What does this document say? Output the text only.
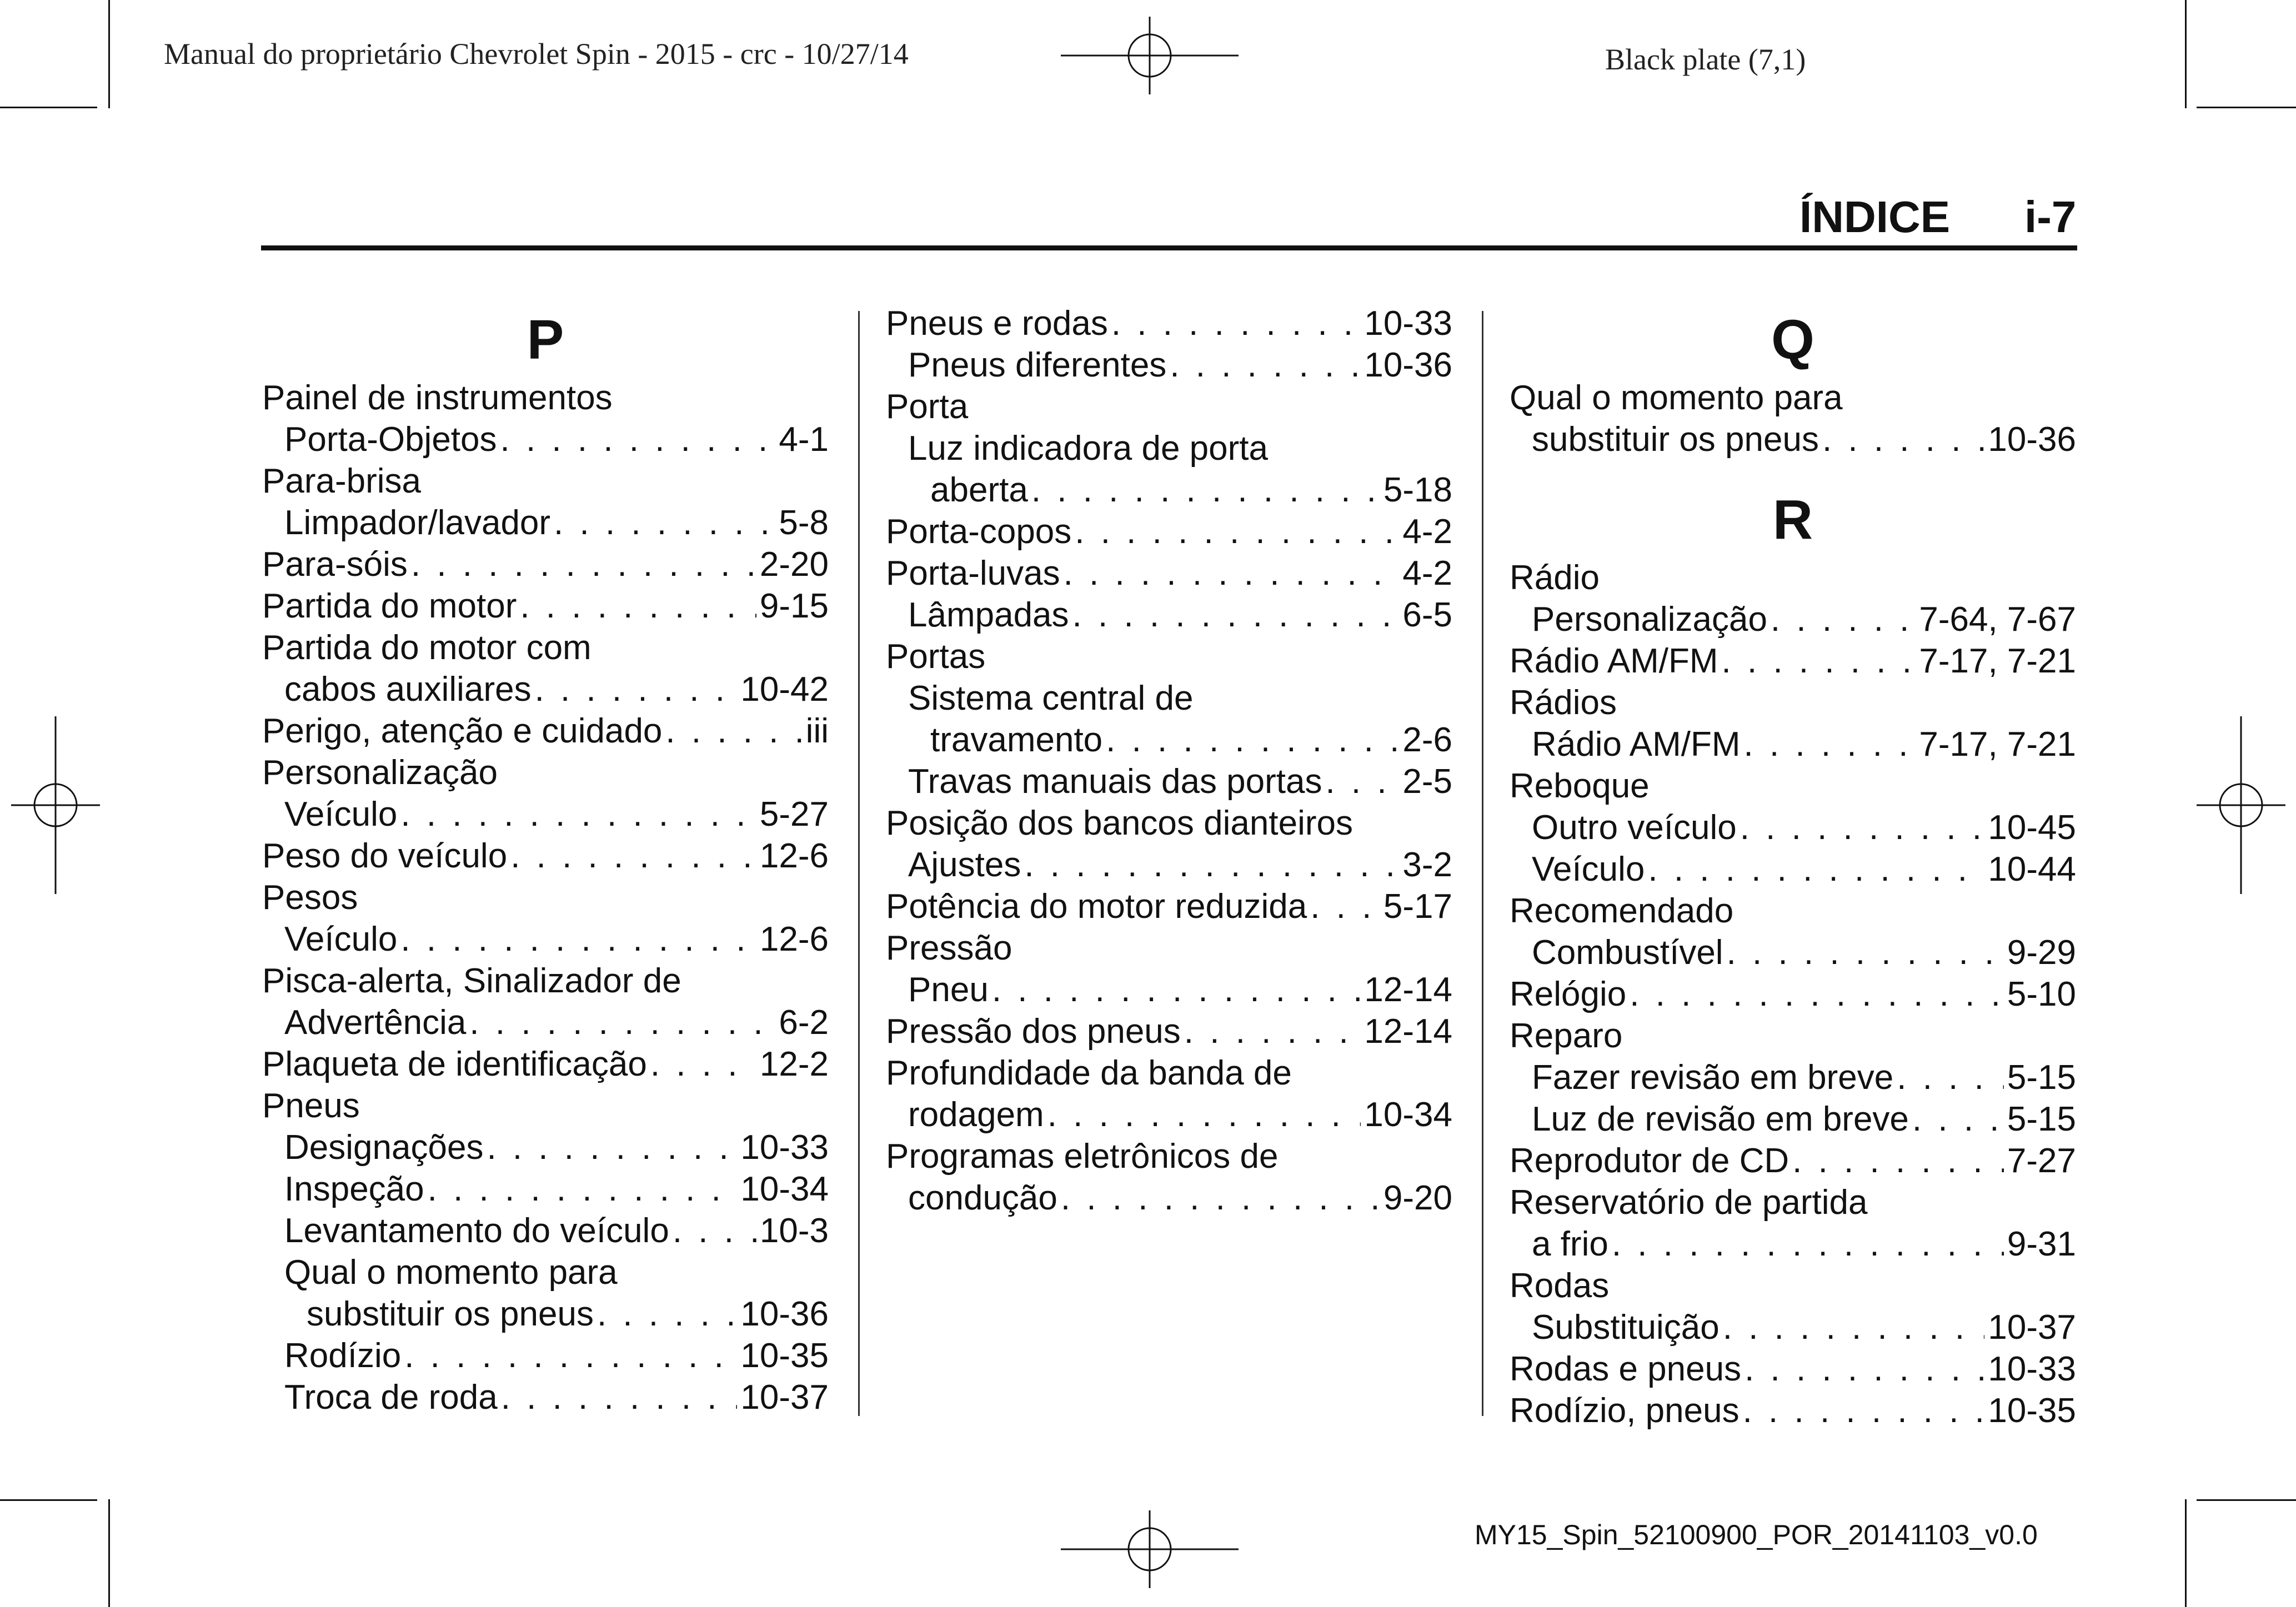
Manual do proprietário Chevrolet Spin - 2015 - crc - 10/27/14	Black plate (7,1)
ÍNDICE i-7
P
Painel de instrumentos
Porta-Objetos . . .	4-1
Para-brisa
Limpador/lavador . . .	5-8
Para-sóis . . .	2-20
Partida do motor . . .	9-15
Partida do motor com
cabos auxiliares . . .	10-42
Perigo, atenção e cuidado . . .	iii
Personalização
Veículo . . .	5-27
Peso do veículo . . .	12-6
Pesos
Veículo . . .	12-6
Pisca-alerta, Sinalizador de
Advertência . . .	6-2
Plaqueta de identificação . . .	12-2
Pneus
Designações . . .	10-33
Inspeção . . .	10-34
Levantamento do veículo . . .	10-3
Qual o momento para
substituir os pneus . . .	10-36
Rodízio . . .	10-35
Troca de roda . . .	10-37
Pneus e rodas . . .	10-33
Pneus diferentes . . .	10-36
Porta
Luz indicadora de porta
aberta . . .	5-18
Porta-copos . . .	4-2
Porta-luvas . . .	4-2
Lâmpadas . . .	6-5
Portas
Sistema central de
travamento . . .	2-6
Travas manuais das portas . . . 2-5
Posição dos bancos dianteiros
Ajustes . . .	3-2
Potência do motor reduzida . . . 5-17
Pressão
Pneu . . .	12-14
Pressão dos pneus . . .	12-14
Profundidade da banda de
rodagem . . .	10-34
Programas eletrônicos de
condução . . .	9-20
Q
Qual o momento para
substituir os pneus . . .	10-36
R
Rádio
Personalização . . .	7-64, 7-67
Rádio AM/FM . . .	7-17, 7-21
Rádios
Rádio AM/FM . . .	7-17, 7-21
Reboque
Outro veículo . . .	10-45
Veículo . . .	10-44
Recomendado
Combustível . . .	9-29
Relógio . . .	5-10
Reparo
Fazer revisão em breve . . .	5-15
Luz de revisão em breve . . .	5-15
Reprodutor de CD . . .	7-27
Reservatório de partida
a frio . . .	9-31
Rodas
Substituição . . .	10-37
Rodas e pneus . . .	10-33
Rodízio, pneus . . .	10-35
MY15_Spin_52100900_POR_20141103_v0.0
